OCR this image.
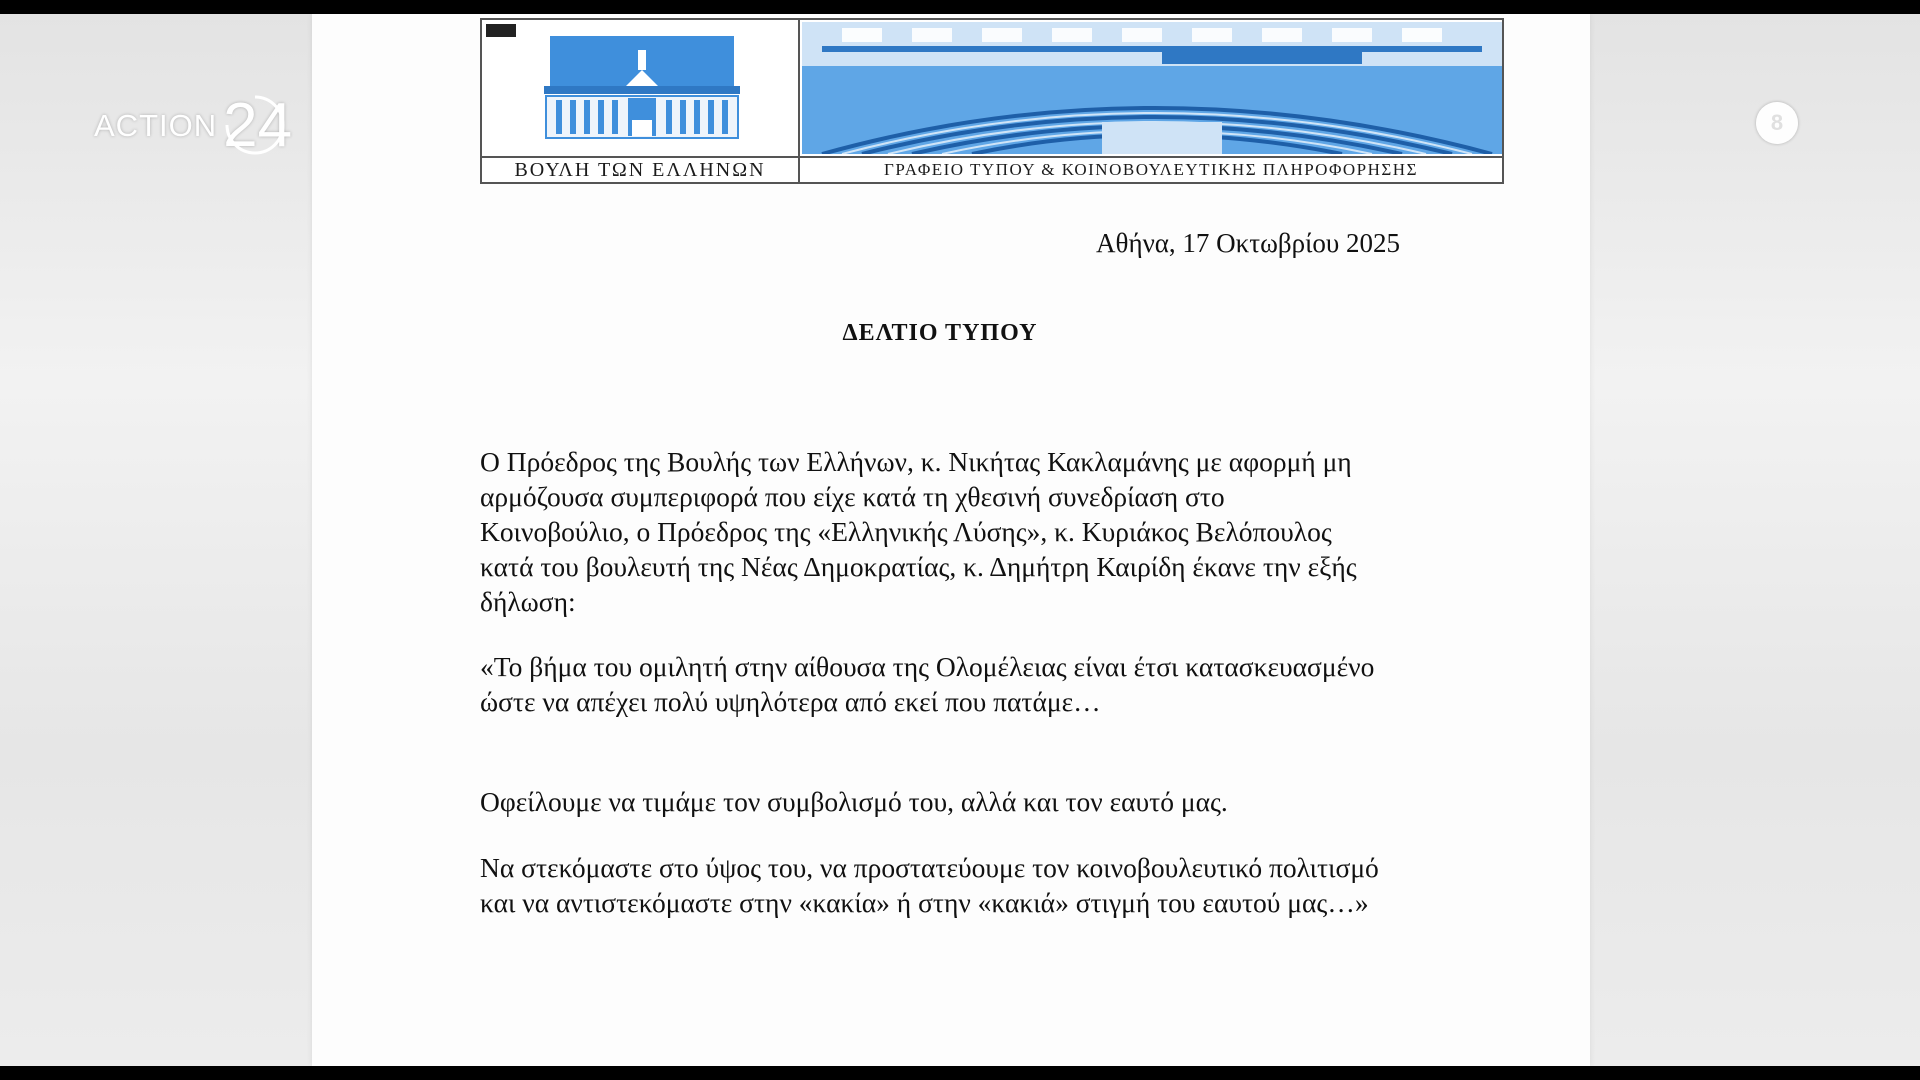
ACTION 24	8
ΒΟΥΛΗ ΤΩΝ ΕΛΛΗΝΩΝ	ΓΡΑΦΕΙΟ ΤΥΠΟΥ & ΚΟΙΝΟΒΟΥΛΕΥΤΙΚΗΣ ΠΛΗΡΟΦΟΡΗΣΗΣ
Αθήνα, 17 Οκτωβρίου 2025
ΔΕΛΤΙΟ ΤΥΠΟΥ

Ο Πρόεδρος της Βουλής των Ελλήνων, κ. Νικήτας Κακλαμάνης με αφορμή μη αρμόζουσα συμπεριφορά που είχε κατά τη χθεσινή συνεδρίαση στο Κοινοβούλιο, ο Πρόεδρος της «Ελληνικής Λύσης», κ. Κυριάκος Βελόπουλος κατά του βουλευτή της Νέας Δημοκρατίας, κ. Δημήτρη Καιρίδη έκανε την εξής δήλωση:

«Το βήμα του ομιλητή στην αίθουσα της Ολομέλειας είναι έτσι κατασκευασμένο ώστε να απέχει πολύ υψηλότερα από εκεί που πατάμε…

Οφείλουμε να τιμάμε τον συμβολισμό του, αλλά και τον εαυτό μας.

Να στεκόμαστε στο ύψος του, να προστατεύουμε τον κοινοβουλευτικό πολιτισμό και να αντιστεκόμαστε στην «κακία» ή στην «κακιά» στιγμή του εαυτού μας…»
